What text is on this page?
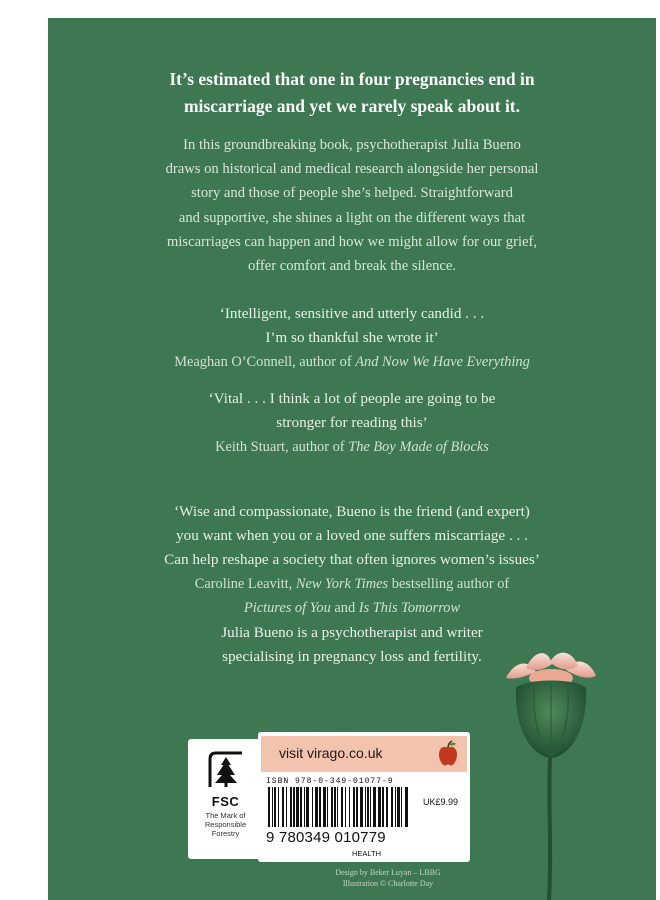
It’s estimated that one in four pregnancies end in
miscarriage and yet we rarely speak about it.
In this groundbreaking book, psychotherapist Julia Bueno
draws on historical and medical research alongside her personal
story and those of people she’s helped. Straightforward
and supportive, she shines a light on the different ways that
miscarriages can happen and how we might allow for our grief,
offer comfort and break the silence.
‘Intelligent, sensitive and utterly candid . . .
I’m so thankful she wrote it’
Meaghan O’Connell, author of And Now We Have Everything
‘Vital . . . I think a lot of people are going to be
stronger for reading this’
Keith Stuart, author of The Boy Made of Blocks
‘Wise and compassionate, Bueno is the friend (and expert)
you want when you or a loved one suffers miscarriage . . .
Can help reshape a society that often ignores women’s issues’
Caroline Leavitt, New York Times bestselling author of
Pictures of You and Is This Tomorrow
Julia Bueno is a psychotherapist and writer
specialising in pregnancy loss and fertility.
Design by Beker Luyan – LBBG
Illustration © Charlotte Day
FSC
The Mark of Responsible Forestry
visit virago.co.uk
ISBN 978-0-349-01077-9
UK£9.99
9 780349 010779
HEALTH
